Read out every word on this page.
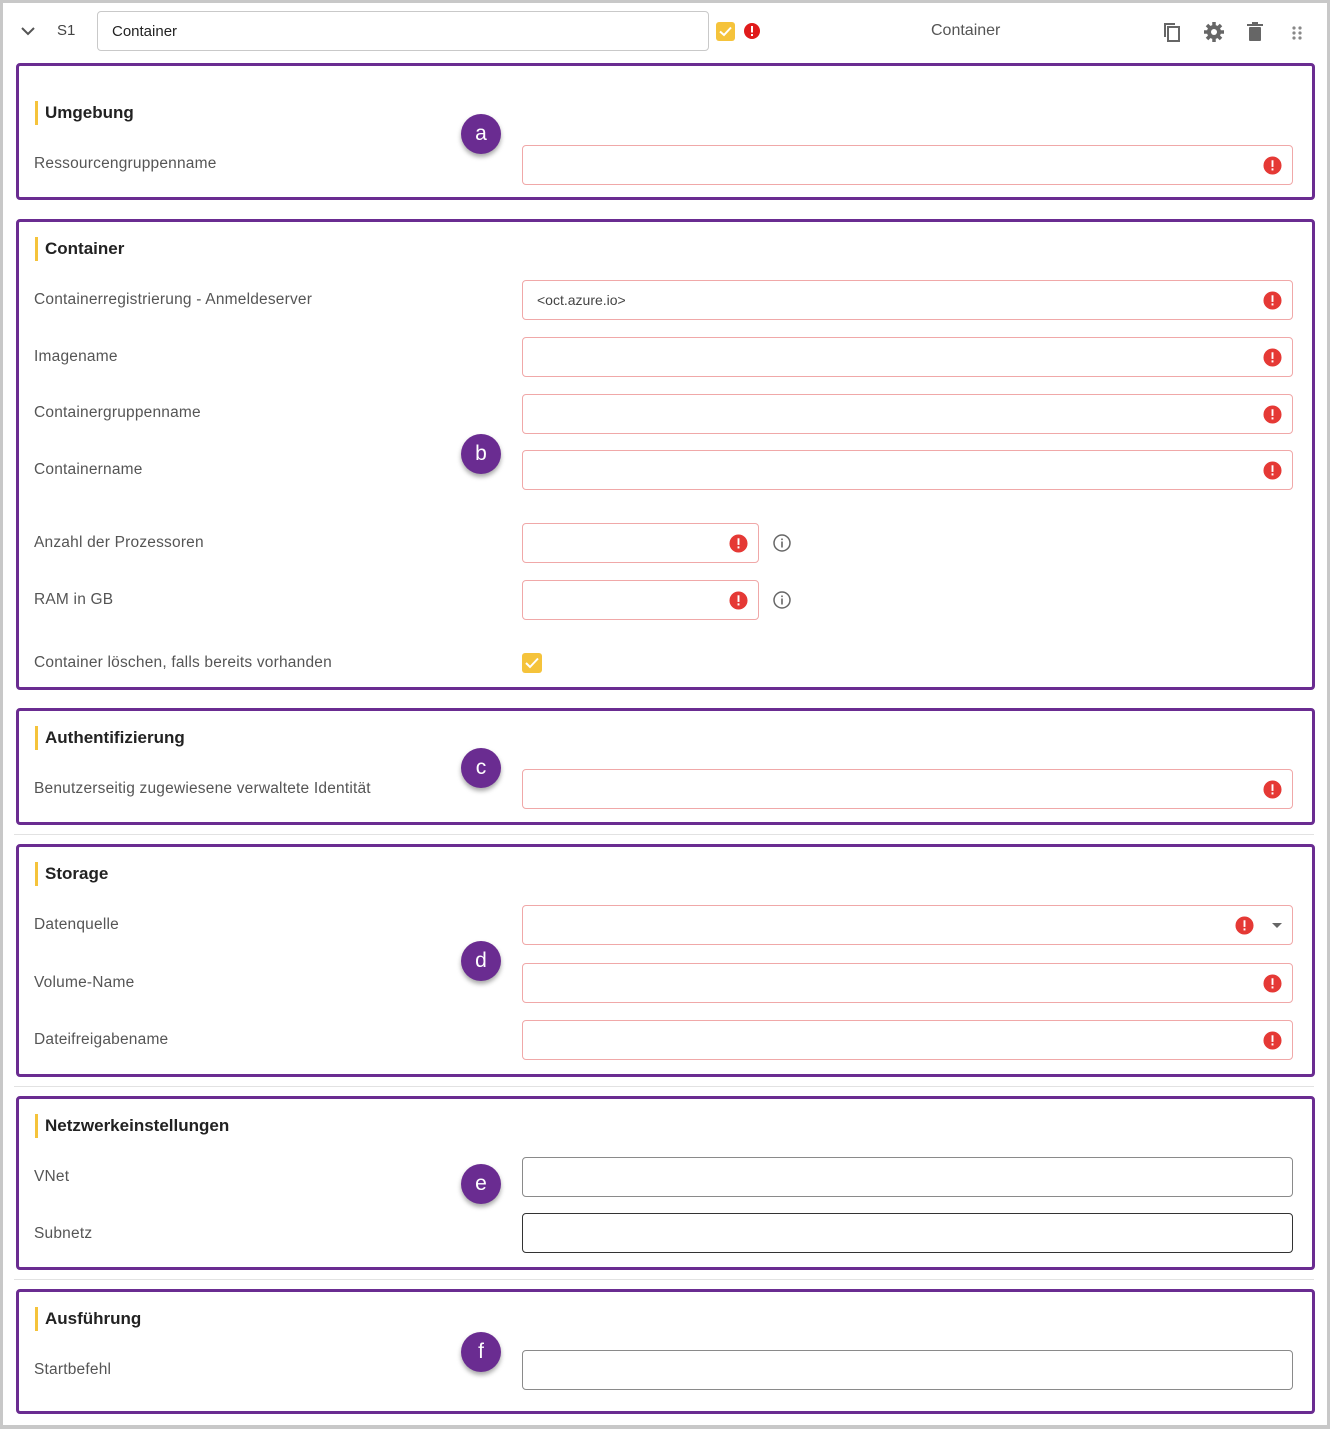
S1
Container	Container
Umgebung
Ressourcengruppenname
a
Container
b
Containerregistrierung - Anmeldeserver	<oct.azure.io>
Imagename
Containergruppenname
Containername
Anzahl der Prozessoren
RAM in GB
Container löschen, falls bereits vorhanden
Authentifizierung
Benutzerseitig zugewiesene verwaltete Identität
c
Storage
d
Datenquelle
Volume-Name
Dateifreigabename
Netzwerkeinstellungen
e
VNet
Subnetz
Ausführung
f
Startbefehl
